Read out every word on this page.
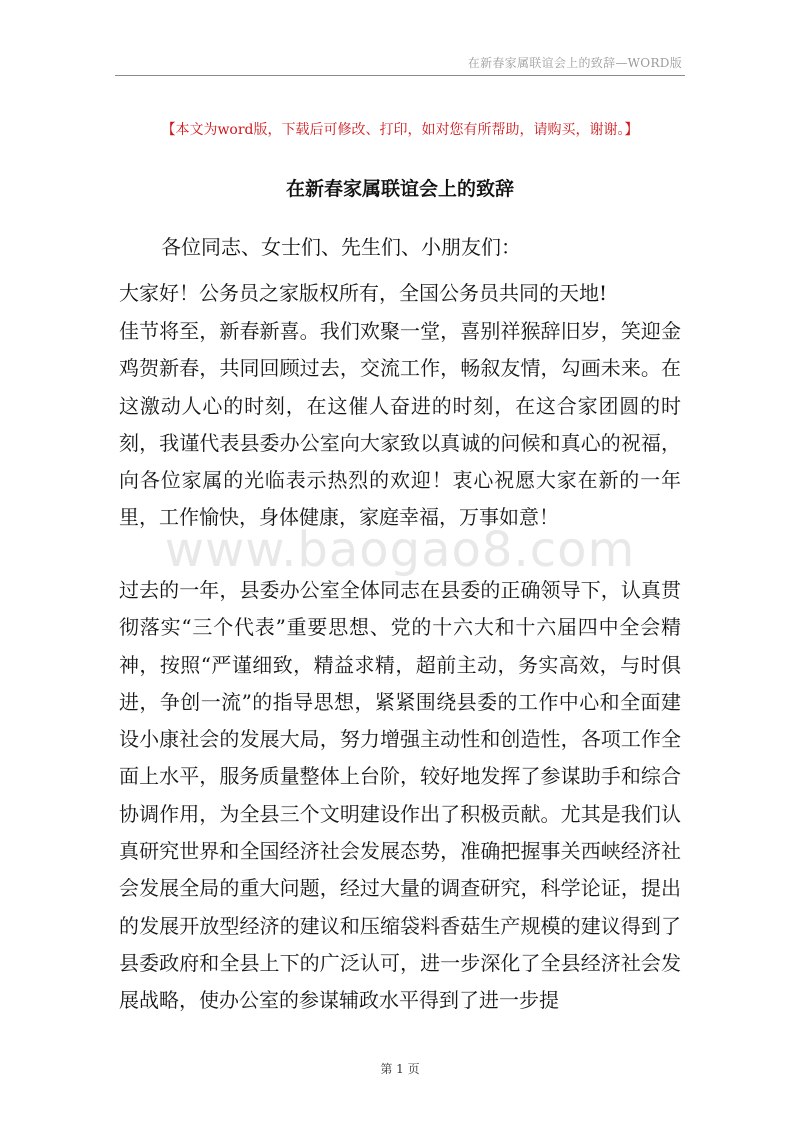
在新春家属联谊会上的致辞—WORD版
【本文为word版，下载后可修改、打印，如对您有所帮助，请购买，谢谢。】
在新春家属联谊会上的致辞
各位同志、女士们、先生们、小朋友们：
大家好！公务员之家版权所有，全国公务员共同的天地!
佳节将至，新春新喜。我们欢聚一堂，喜别祥猴辞旧岁，笑迎金鸡贺新春，共同回顾过去，交流工作，畅叙友情，勾画未来。在这激动人心的时刻，在这催人奋进的时刻，在这合家团圆的时刻，我谨代表县委办公室向大家致以真诚的问候和真心的祝福，向各位家属的光临表示热烈的欢迎！衷心祝愿大家在新的一年里，工作愉快，身体健康，家庭幸福，万事如意！
过去的一年，县委办公室全体同志在县委的正确领导下，认真贯彻落实“三个代表”重要思想、党的十六大和十六届四中全会精神，按照“严谨细致，精益求精，超前主动，务实高效，与时俱进，争创一流”的指导思想，紧紧围绕县委的工作中心和全面建设小康社会的发展大局，努力增强主动性和创造性，各项工作全面上水平，服务质量整体上台阶，较好地发挥了参谋助手和综合协调作用，为全县三个文明建设作出了积极贡献。尤其是我们认真研究世界和全国经济社会发展态势，准确把握事关西峡经济社会发展全局的重大问题，经过大量的调查研究，科学论证，提出的发展开放型经济的建议和压缩袋料香菇生产规模的建议得到了县委政府和全县上下的广泛认可，进一步深化了全县经济社会发展战略，使办公室的参谋辅政水平得到了进一步提
www.baogao8.com
第 1 页
